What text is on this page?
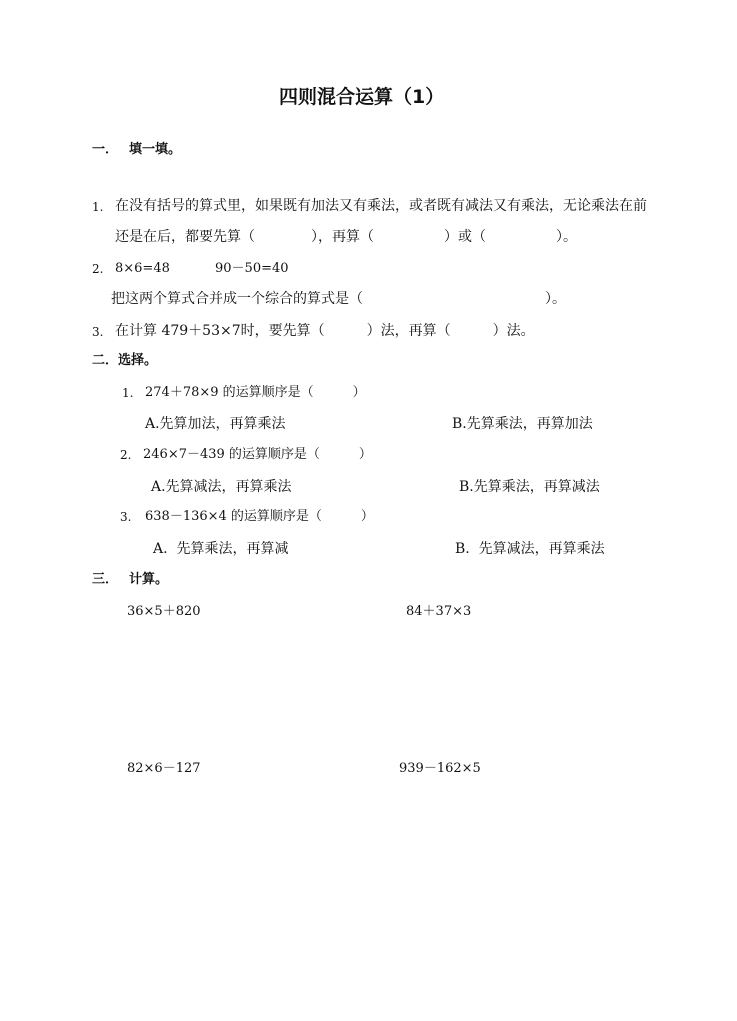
四则混合运算（1）
一． 填一填。
1. 在没有括号的算式里，如果既有加法又有乘法，或者既有减法又有乘法，无论乘法在前
还是在后，都要先算（　　　　），再算（　　　　　）或（　　　　　）。
2. 8×6=48	90－50=40
把这两个算式合并成一个综合的算式是（　　　　　　　　　　　　　）。
3. 在计算 479＋53×7时，要先算（　　　）法，再算（　　　）法。
二．选择。
1. 274＋78×9 的运算顺序是（　　　）
A.先算加法，再算乘法	B.先算乘法，再算加法
2. 246×7－439 的运算顺序是（　　　）
A.先算减法，再算乘法	B.先算乘法，再算减法
3. 638－136×4 的运算顺序是（　　　）
A.  先算乘法，再算减	B.  先算减法，再算乘法
三． 计算。
36×5＋820	84＋37×3
82×6－127	939－162×5
